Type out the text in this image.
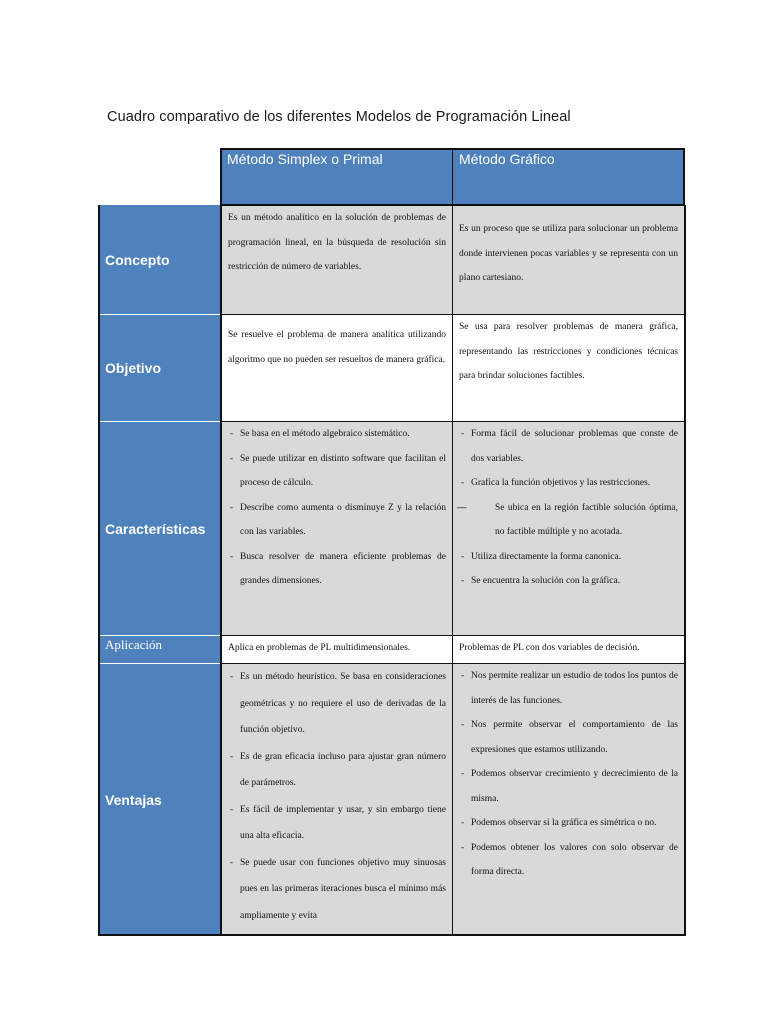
Cuadro comparativo de los diferentes Modelos de Programación Lineal
Método Simplex o Primal	Método Gráfico
Concepto
Objetivo
Características
Aplicación
Ventajas

Es un método analítico en la solución de problemas de programación lineal, en la búsqueda de resolución sin restricción de número de variables.

Es un proceso que se utiliza para solucionar un problema donde intervienen pocas variables y se representa con un plano cartesiano.

Se resuelve el problema de manera analítica utilizando algoritmo que no pueden ser resueltos de manera gráfica.

Se usa para resolver problemas de manera gráfica, representando las restricciones y condiciones técnicas para brindar soluciones factibles.

- Se basa en el método algebraico sistemático.
- Se puede utilizar en distinto software que facilitan el proceso de cálculo.
- Describe como aumenta o disminuye Z y la relación con las variables.
- Busca resolver de manera eficiente problemas de grandes dimensiones.
- Forma fácil de solucionar problemas que conste de dos variables.
- Grafica la función objetivos y las restricciones.
— Se ubica en la región factible solución óptima, no factible múltiple y no acotada.
- Utiliza directamente la forma canonica.
- Se encuentra la solución con la gráfica.

Aplica en problemas de PL multidimensionales.	Problemas de PL con dos variables de decisión.

- Es un método heurístico. Se basa en consideraciones geométricas y no requiere el uso de derivadas de la función objetivo.
- Es de gran eficacia incluso para ajustar gran número de parámetros.
- Es fácil de implementar y usar, y sin embargo tiene una alta eficacia.
- Se puede usar con funciones objetivo muy sinuosas pues en las primeras iteraciones busca el mínimo más ampliamente y evita
- Nos permite realizar un estudio de todos los puntos de interés de las funciones.
- Nos permite observar el comportamiento de las expresiones que estamos utilizando.
- Podemos observar crecimiento y decrecimiento de la misma.
- Podemos observar si la gráfica es simétrica o no.
- Podemos obtener los valores con solo observar de forma directa.
